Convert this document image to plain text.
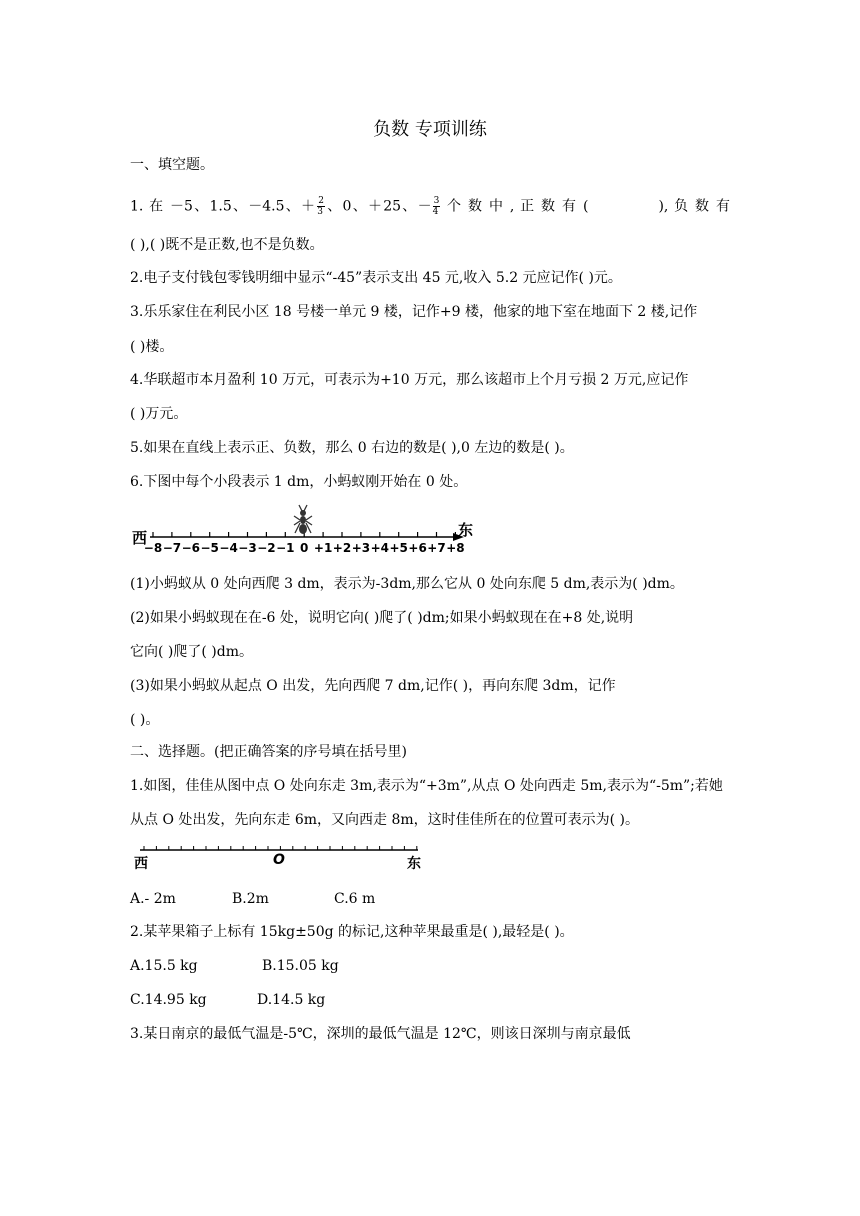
负数 专项训练
一、填空题。
1. 在 －5、1.5、－4.5、＋ $\frac{2}{3}$ 、0、＋25、－ $\frac{3}{4}$ 个 数 中 , 正 数 有 (	), 负 数 有
( ),( )既不是正数,也不是负数。
2.电子支付钱包零钱明细中显示“-45”表示支出 45 元,收入 5.2 元应记作( )元。
3.乐乐家住在利民小区 18 号楼一单元 9 楼，记作+9 楼，他家的地下室在地面下 2 楼,记作
( )楼。
4.华联超市本月盈利 10 万元，可表示为+10 万元，那么该超市上个月亏损 2 万元,应记作
( )万元。
5.如果在直线上表示正、负数，那么 0 右边的数是( ),0 左边的数是( )。
6.下图中每个小段表示 1 dm，小蚂蚁刚开始在 0 处。
西	东
−8 −7 −6 −5 −4 −3 −2 −1 0 +1 +2 +3 +4 +5 +6 +7 +8
(1)小蚂蚁从 0 处向西爬 3 dm，表示为-3dm,那么它从 0 处向东爬 5 dm,表示为( )dm。
(2)如果小蚂蚁现在在-6 处，说明它向( )爬了( )dm;如果小蚂蚁现在在+8 处,说明
它向( )爬了( )dm。
(3)如果小蚂蚁从起点 O 出发，先向西爬 7 dm,记作( )，再向东爬 3dm，记作
( )。
二、选择题。(把正确答案的序号填在括号里)
1.如图，佳佳从图中点 O 处向东走 3m,表示为“+3m”,从点 O 处向西走 5m,表示为“-5m”;若她
从点 O 处出发，先向东走 6m，又向西走 8m，这时佳佳所在的位置可表示为( )。
西	O	东
A.- 2m	B.2m	C.6 m
2.某苹果箱子上标有 15kg±50g 的标记,这种苹果最重是( ),最轻是( )。
A.15.5 kg	B.15.05 kg
C.14.95 kg	D.14.5 kg
3.某日南京的最低气温是-5℃，深圳的最低气温是 12℃，则该日深圳与南京最低
